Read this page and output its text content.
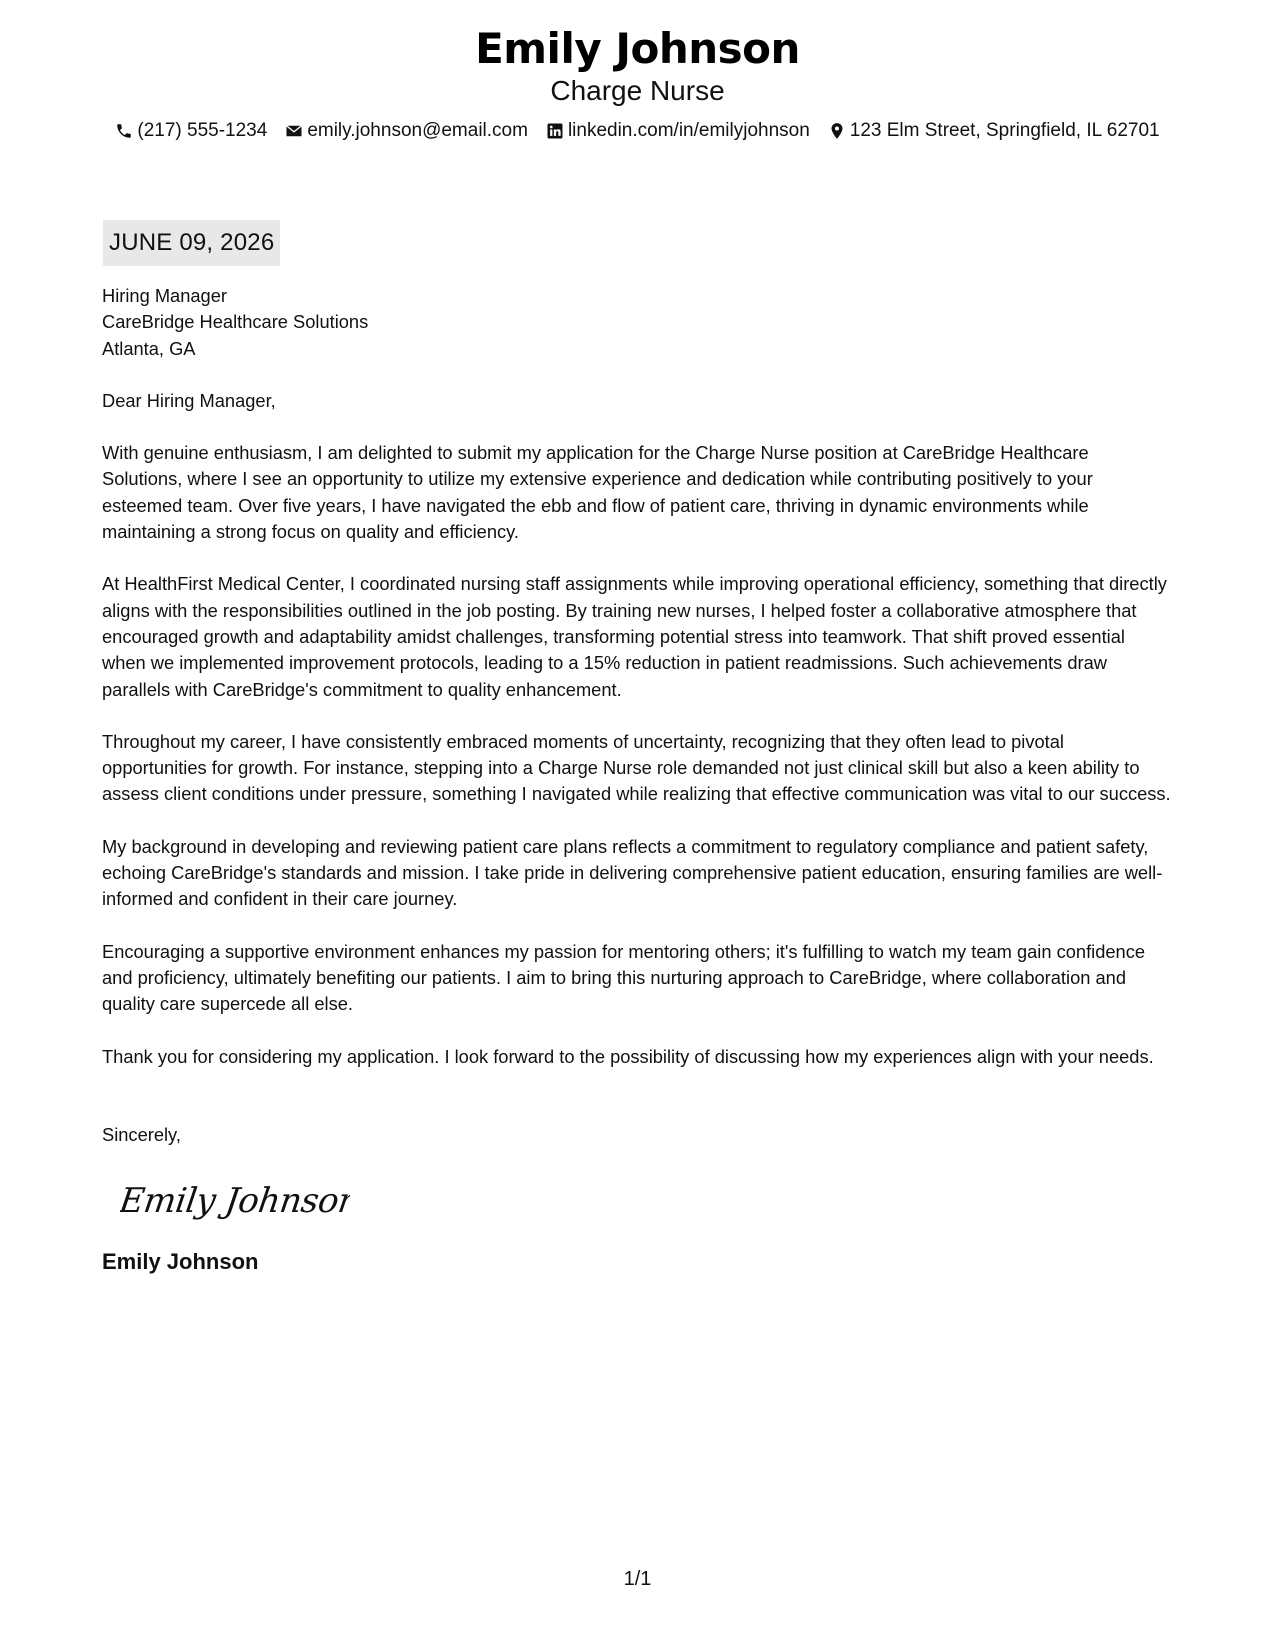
Emily Johnson
Charge Nurse
(217) 555-1234 emily.johnson@email.com linkedin.com/in/emilyjohnson 123 Elm Street, Springfield, IL 62701
JUNE 09, 2026
Hiring Manager
CareBridge Healthcare Solutions
Atlanta, GA
Dear Hiring Manager,
With genuine enthusiasm, I am delighted to submit my application for the Charge Nurse position at CareBridge Healthcare Solutions, where I see an opportunity to utilize my extensive experience and dedication while contributing positively to your esteemed team. Over five years, I have navigated the ebb and flow of patient care, thriving in dynamic environments while maintaining a strong focus on quality and efficiency.
At HealthFirst Medical Center, I coordinated nursing staff assignments while improving operational efficiency, something that directly aligns with the responsibilities outlined in the job posting. By training new nurses, I helped foster a collaborative atmosphere that encouraged growth and adaptability amidst challenges, transforming potential stress into teamwork. That shift proved essential when we implemented improvement protocols, leading to a 15% reduction in patient readmissions. Such achievements draw parallels with CareBridge's commitment to quality enhancement.
Throughout my career, I have consistently embraced moments of uncertainty, recognizing that they often lead to pivotal opportunities for growth. For instance, stepping into a Charge Nurse role demanded not just clinical skill but also a keen ability to assess client conditions under pressure, something I navigated while realizing that effective communication was vital to our success.
My background in developing and reviewing patient care plans reflects a commitment to regulatory compliance and patient safety, echoing CareBridge's standards and mission. I take pride in delivering comprehensive patient education, ensuring families are well-informed and confident in their care journey.
Encouraging a supportive environment enhances my passion for mentoring others; it's fulfilling to watch my team gain confidence and proficiency, ultimately benefiting our patients. I aim to bring this nurturing approach to CareBridge, where collaboration and quality care supercede all else.
Thank you for considering my application. I look forward to the possibility of discussing how my experiences align with your needs.
Sincerely,
Emily Johnson
Emily Johnson
1/1
